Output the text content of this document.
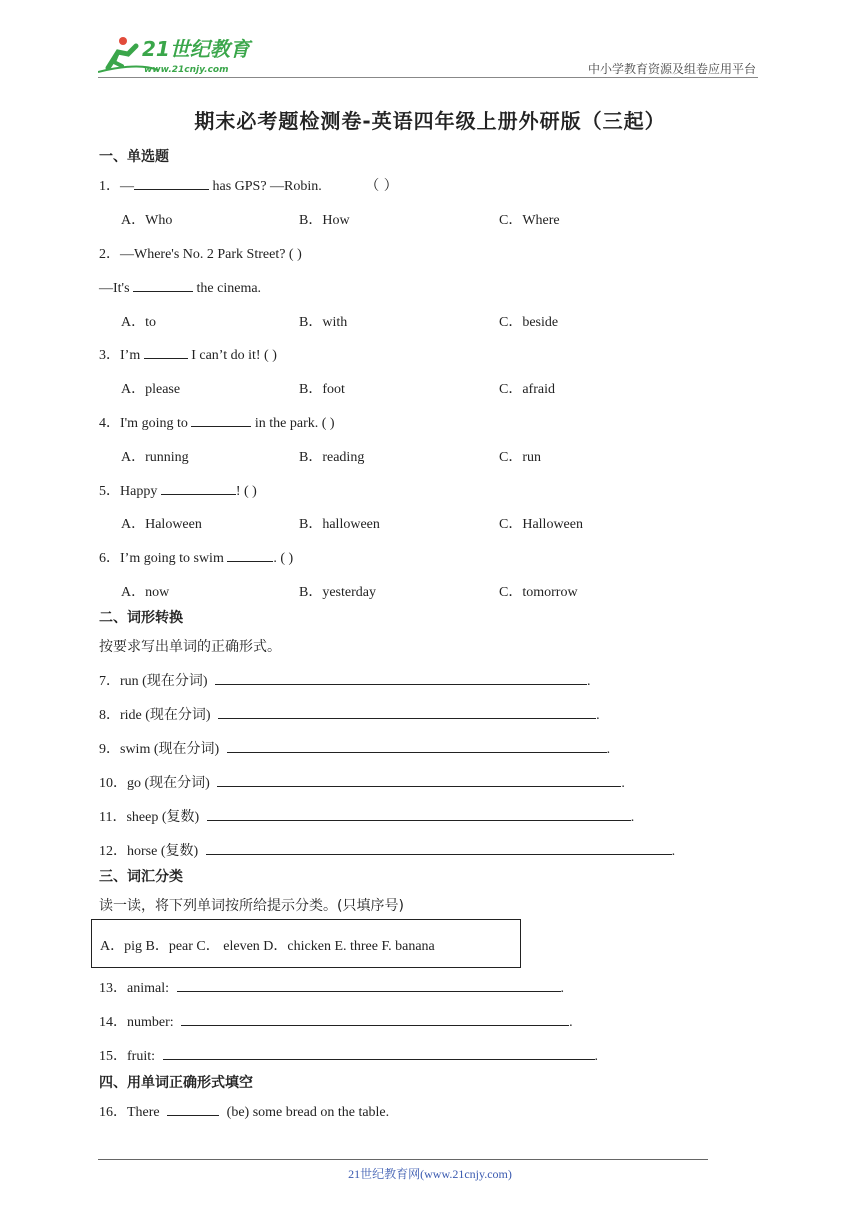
21世纪教育
www.21cnjy.com	中小学教育资源及组卷应用平台
期末必考题检测卷-英语四年级上册外研版（三起）
一、单选题
1．—	has GPS? —Robin.	（ ）
A．Who	B．How	C．Where
2．—Where's No. 2 Park Street? ( )
—It's	the cinema.
A．to	B．with	C．beside
3．I’m	I can’t do it! ( )
A．please	B．foot	C．afraid
4．I'm going to	in the park. ( )
A．running	B．reading	C．run
5．Happy	! ( )
A．Haloween	B．halloween	C．Halloween
6．I’m going to swim	. ( )
A．now	B．yesterday	C．tomorrow
二、词形转换
按要求写出单词的正确形式。
7．run (现在分词)	.
8．ride (现在分词)	.
9．swim (现在分词)	.
10．go (现在分词)	.
11．sheep (复数)	.
12．horse (复数)	.
三、词汇分类
读一读，将下列单词按所给提示分类。(只填序号)
A．pig B．pear C． eleven D．chicken E. three F. banana
13．animal:	.
14．number:	.
15．fruit:	.
四、用单词正确形式填空
16．There	(be) some bread on the table.
21世纪教育网(www.21cnjy.com)
